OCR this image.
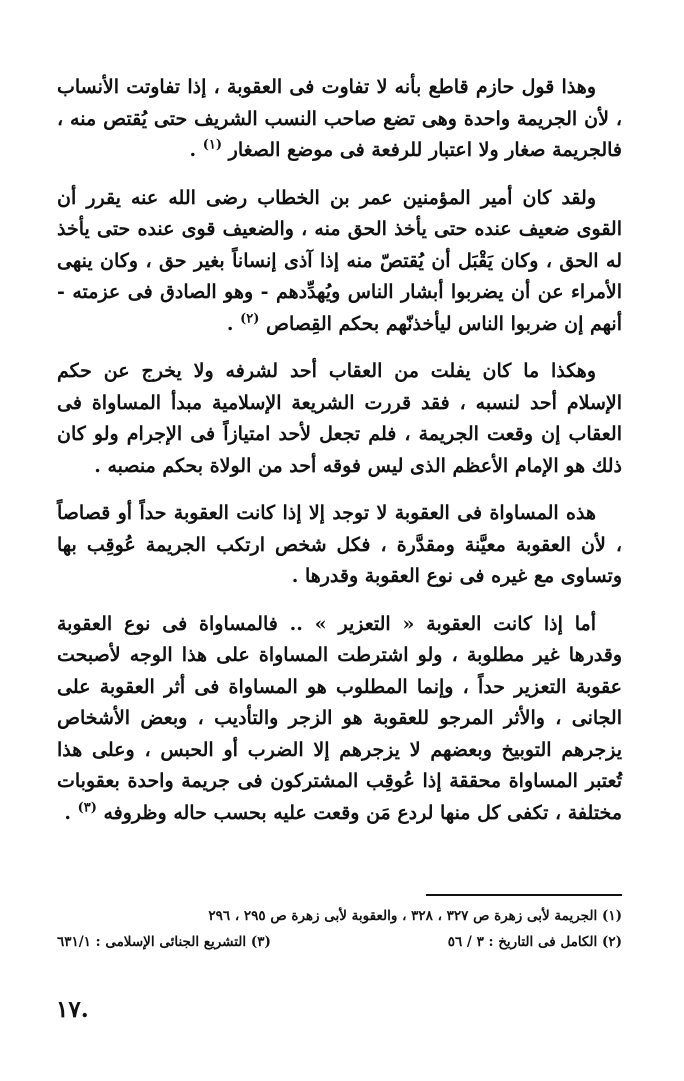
وهذا قول حازم قاطع بأنه لا تفاوت فى العقوبة ، إذا تفاوتت الأنساب ، لأن الجريمة واحدة وهى تضع صاحب النسب الشريف حتى يُقتص منه ، فالجريمة صغار ولا اعتبار للرفعة فى موضع الصغار $^{(١)}$ .

ولقد كان أمير المؤمنين عمر بن الخطاب رضى الله عنه يقرر أن القوى ضعيف عنده حتى يأخذ الحق منه ، والضعيف قوى عنده حتى يأخذ له الحق ، وكان يَقْبَل أن يُقتصّ منه إذا آذى إنساناً بغير حق ، وكان ينهى الأمراء عن أن يضربوا أبشار الناس ويُهدِّدهم - وهو الصادق فى عزمته - أنهم إن ضربوا الناس ليأخذنّهم بحكم القِصاص $^{(٢)}$ .

وهكذا ما كان يفلت من العقاب أحد لشرفه ولا يخرج عن حكم الإسلام أحد لنسبه ، فقد قررت الشريعة الإسلامية مبدأ المساواة فى العقاب إن وقعت الجريمة ، فلم تجعل لأحد امتيازاً فى الإجرام ولو كان ذلك هو الإمام الأعظم الذى ليس فوقه أحد من الولاة بحكم منصبه .

هذه المساواة فى العقوبة لا توجد إلا إذا كانت العقوبة حداً أو قصاصاً ، لأن العقوبة معيَّنة ومقدَّرة ، فكل شخص ارتكب الجريمة عُوقِب بها وتساوى مع غيره فى نوع العقوبة وقدرها .

أما إذا كانت العقوبة « التعزير » .. فالمساواة فى نوع العقوبة وقدرها غير مطلوبة ، ولو اشترطت المساواة على هذا الوجه لأصبحت عقوبة التعزير حداً ، وإنما المطلوب هو المساواة فى أثر العقوبة على الجانى ، والأثر المرجو للعقوبة هو الزجر والتأديب ، وبعض الأشخاص يزجرهم التوبيخ وبعضهم لا يزجرهم إلا الضرب أو الحبس ، وعلى هذا تُعتبر المساواة محققة إذا عُوقِب المشتركون فى جريمة واحدة بعقوبات مختلفة ، تكفى كل منها لردع مَن وقعت عليه بحسب حاله وظروفه $^{(٣)}$ .

(١) الجريمة لأبى زهرة ص ٣٢٧ ، ٣٢٨ ، والعقوبة لأبى زهرة ص ٢٩٥ ، ٢٩٦
(٢) الكامل فى التاريخ : ٣ / ٥٦
(٣) التشريع الجنائى الإسلامى : ٦٣١/١
١٧.
